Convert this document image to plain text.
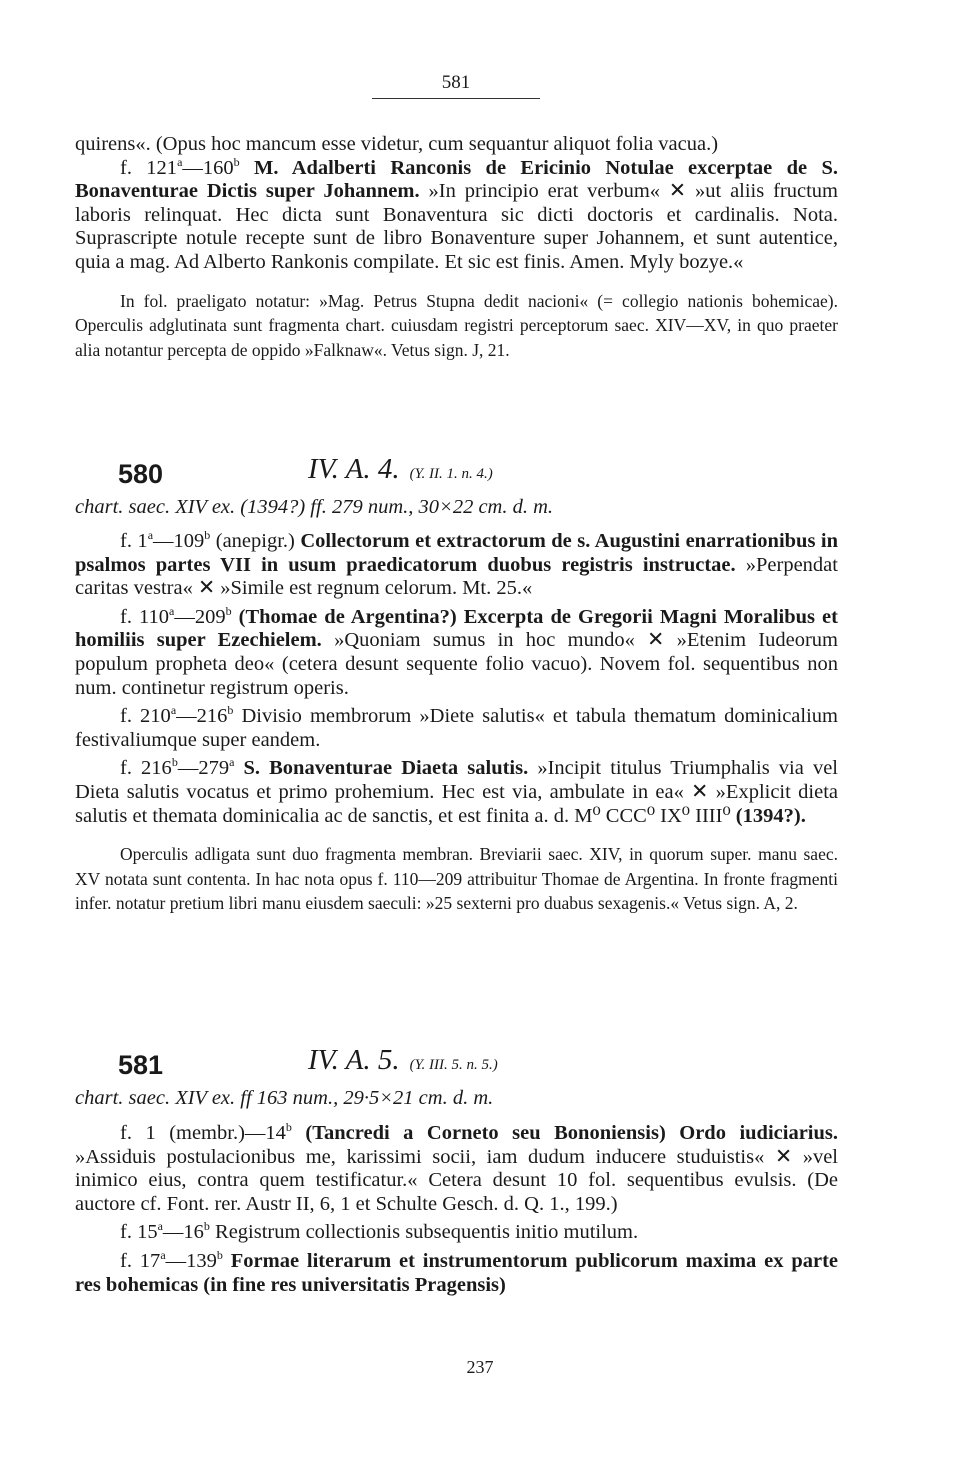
581

quirens«. (Opus hoc mancum esse videtur, cum sequantur aliquot folia vacua.)

f. 121$^a$—160$^b$ M. Adalberti Ranconis de Ericinio Notulae excerptae de S. Bonaventurae Dictis super Johannem. »In principio erat verbum« ✕ »ut aliis fructum laboris relinquat. Hec dicta sunt Bonaventura sic dicti doctoris et cardinalis. Nota. Suprascripte notule recepte sunt de libro Bonaventure super Johannem, et sunt autentice, quia a mag. Ad Alberto Rankonis compilate. Et sic est finis. Amen. Myly bozye.«

In fol. praeligato notatur: »Mag. Petrus Stupna dedit nacioni« (= collegio nationis bohemicae). Operculis adglutinata sunt fragmenta chart. cuiusdam registri perceptorum saec. XIV—XV, in quo praeter alia notantur percepta de oppido »Falknaw«. Vetus sign. J, 21.

580	IV. A. 4. (Y. II. 1. n. 4.)
chart. saec. XIV ex. (1394?) ff. 279 num., 30×22 cm. d. m.

f. 1$^a$—109$^b$ (anepigr.) Collectorum et extractorum de s. Augustini enarrationibus in psalmos partes VII in usum praedicatorum duobus registris instructae. »Perpendat caritas vestra« ✕ »Simile est regnum celorum. Mt. 25.«

f. 110$^a$—209$^b$ (Thomae de Argentina?) Excerpta de Gregorii Magni Moralibus et homiliis super Ezechielem. »Quoniam sumus in hoc mundo« ✕ »Etenim Iudeorum populum propheta deo« (cetera desunt sequente folio vacuo). Novem fol. sequentibus non num. continetur registrum operis.

f. 210$^a$—216$^b$ Divisio membrorum »Diete salutis« et tabula thematum dominicalium festivaliumque super eandem.

f. 216$^b$—279$^a$ S. Bonaventurae Diaeta salutis. »Incipit titulus Triumphalis via vel Dieta salutis vocatus et primo prohemium. Hec est via, ambulate in ea« ✕ »Explicit dieta salutis et themata dominicalia ac de sanctis, et est finita a. d. M⁰ CCC⁰ IX⁰ IIII⁰ (1394?).

Operculis adligata sunt duo fragmenta membran. Breviarii saec. XIV, in quorum super. manu saec. XV notata sunt contenta. In hac nota opus f. 110—209 attribuitur Thomae de Argentina. In fronte fragmenti infer. notatur pretium libri manu eiusdem saeculi: »25 sexterni pro duabus sexagenis.« Vetus sign. A, 2.

581	IV. A. 5. (Y. III. 5. n. 5.)
chart. saec. XIV ex. ff 163 num., 29·5×21 cm. d. m.

f. 1 (membr.)—14$^b$ (Tancredi a Corneto seu Bononiensis) Ordo iudiciarius. »Assiduis postulacionibus me, karissimi socii, iam dudum inducere studuistis« ✕ »vel inimico eius, contra quem testificatur.« Cetera desunt 10 fol. sequentibus evulsis. (De auctore cf. Font. rer. Austr II, 6, 1 et Schulte Gesch. d. Q. 1., 199.)

f. 15$^a$—16$^b$ Registrum collectionis subsequentis initio mutilum.

f. 17$^a$—139$^b$ Formae literarum et instrumentorum publicorum maxima ex parte res bohemicas (in fine res universitatis Pragensis)

237
